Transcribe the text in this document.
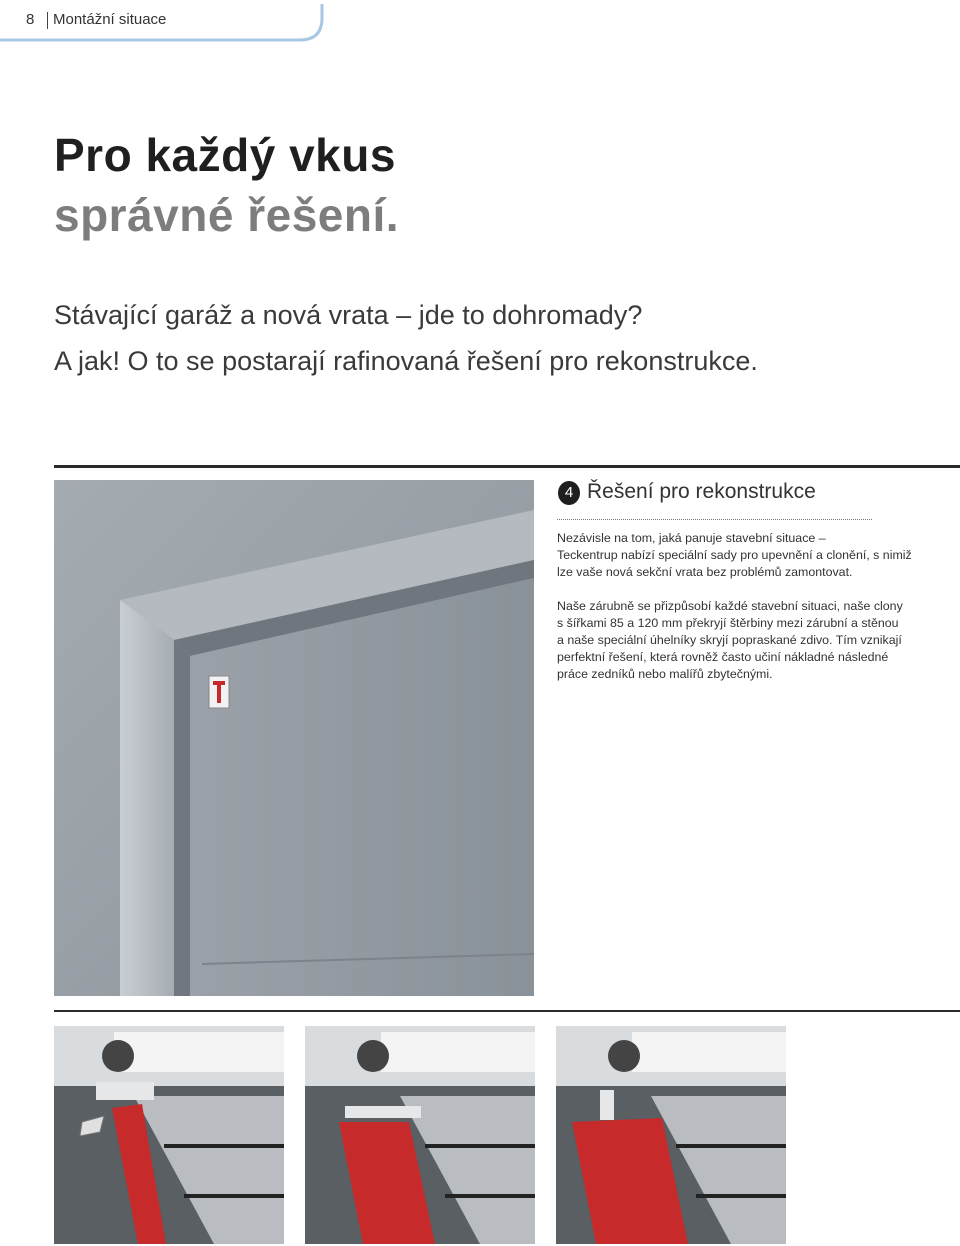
8 Montážní situace
Pro každý vkus
správné řešení.
Stávající garáž a nová vrata – jde to dohromady?
A jak! O to se postarají rafinovaná řešení pro rekonstrukce.
4 Řešení pro rekonstrukce
Nezávisle na tom, jaká panuje stavební situace –
Teckentrup nabízí speciální sady pro upevnění a clonění, s nimiž
lze vaše nová sekční vrata bez problémů zamontovat.
Naše zárubně se přizpůsobí každé stavební situaci, naše clony
s šířkami 85 a 120 mm překryjí štěrbiny mezi zárubní a stěnou
a naše speciální úhelníky skryjí popraskané zdivo. Tím vznikají
perfektní řešení, která rovněž často učiní nákladné následné
práce zedníků nebo malířů zbytečnými.
